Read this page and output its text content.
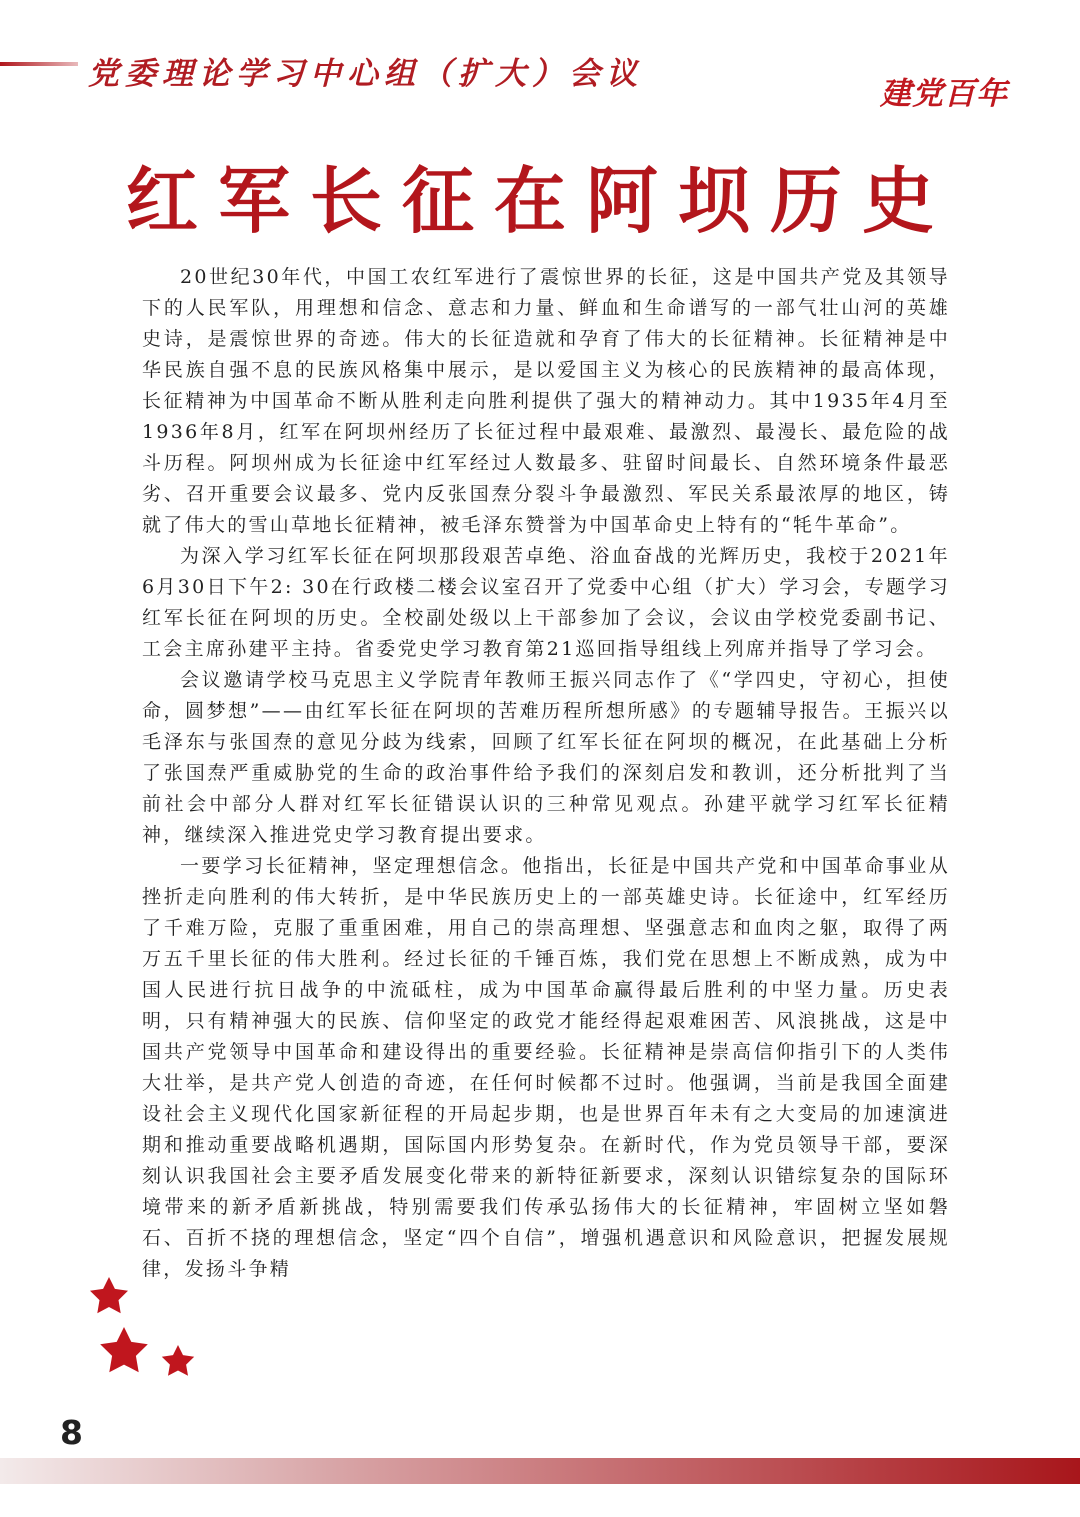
党委理论学习中心组（扩大）会议
建党百年
红军长征在阿坝历史

20世纪30年代，中国工农红军进行了震惊世界的长征，这是中国共产党及其领导下的人民军队，用理想和信念、意志和力量、鲜血和生命谱写的一部气壮山河的英雄史诗，是震惊世界的奇迹。伟大的长征造就和孕育了伟大的长征精神。长征精神是中华民族自强不息的民族风格集中展示，是以爱国主义为核心的民族精神的最高体现，长征精神为中国革命不断从胜利走向胜利提供了强大的精神动力。其中1935年4月至1936年8月，红军在阿坝州经历了长征过程中最艰难、最激烈、最漫长、最危险的战斗历程。阿坝州成为长征途中红军经过人数最多、驻留时间最长、自然环境条件最恶劣、召开重要会议最多、党内反张国焘分裂斗争最激烈、军民关系最浓厚的地区，铸就了伟大的雪山草地长征精神，被毛泽东赞誉为中国革命史上特有的“牦牛革命”。

为深入学习红军长征在阿坝那段艰苦卓绝、浴血奋战的光辉历史，我校于2021年6月30日下午2: 30在行政楼二楼会议室召开了党委中心组（扩大）学习会，专题学习红军长征在阿坝的历史。全校副处级以上干部参加了会议，会议由学校党委副书记、工会主席孙建平主持。省委党史学习教育第21巡回指导组线上列席并指导了学习会。

会议邀请学校马克思主义学院青年教师王振兴同志作了《“学四史，守初心，担使命，圆梦想”——由红军长征在阿坝的苦难历程所想所感》的专题辅导报告。王振兴以毛泽东与张国焘的意见分歧为线索，回顾了红军长征在阿坝的概况，在此基础上分析了张国焘严重威胁党的生命的政治事件给予我们的深刻启发和教训，还分析批判了当前社会中部分人群对红军长征错误认识的三种常见观点。孙建平就学习红军长征精神，继续深入推进党史学习教育提出要求。

一要学习长征精神，坚定理想信念。他指出，长征是中国共产党和中国革命事业从挫折走向胜利的伟大转折，是中华民族历史上的一部英雄史诗。长征途中，红军经历了千难万险，克服了重重困难，用自己的崇高理想、坚强意志和血肉之躯，取得了两万五千里长征的伟大胜利。经过长征的千锤百炼，我们党在思想上不断成熟，成为中国人民进行抗日战争的中流砥柱，成为中国革命赢得最后胜利的中坚力量。历史表明，只有精神强大的民族、信仰坚定的政党才能经得起艰难困苦、风浪挑战，这是中国共产党领导中国革命和建设得出的重要经验。长征精神是崇高信仰指引下的人类伟大壮举，是共产党人创造的奇迹，在任何时候都不过时。他强调，当前是我国全面建设社会主义现代化国家新征程的开局起步期，也是世界百年未有之大变局的加速演进期和推动重要战略机遇期，国际国内形势复杂。在新时代，作为党员领导干部，要深刻认识我国社会主要矛盾发展变化带来的新特征新要求，深刻认识错综复杂的国际环境带来的新矛盾新挑战，特别需要我们传承弘扬伟大的长征精神，牢固树立坚如磐石、百折不挠的理想信念，坚定“四个自信”，增强机遇意识和风险意识，把握发展规律，发扬斗争精

8
